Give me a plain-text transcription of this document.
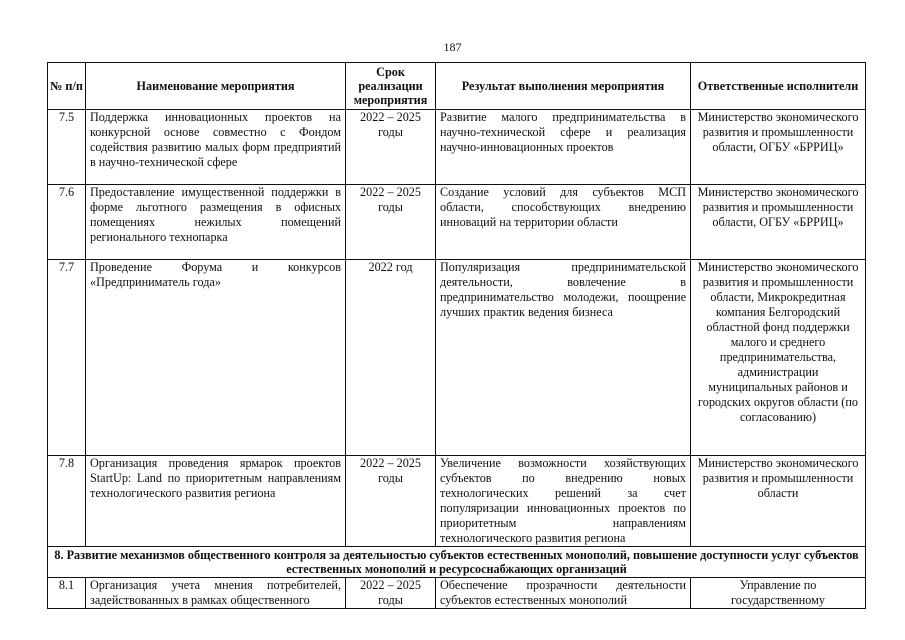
187
№ п/п	Наименование мероприятия	Срок реализации мероприятия	Результат выполнения мероприятия	Ответственные исполнители
7.5	Поддержка инновационных проектов на конкурсной основе совместно с Фондом содействия развитию малых форм предприятий в научно-технической сфере	2022 – 2025 годы	Развитие малого предпринимательства в научно-технической сфере и реализация научно-инновационных проектов	Министерство экономического развития и промышленности области, ОГБУ «БРРИЦ»
7.6	Предоставление имущественной поддержки в форме льготного размещения в офисных помещениях нежилых помещений регионального технопарка	2022 – 2025 годы	Создание условий для субъектов МСП области, способствующих внедрению инноваций на территории области	Министерство экономического развития и промышленности области, ОГБУ «БРРИЦ»
7.7	Проведение Форума и конкурсов «Предприниматель года»	2022 год	Популяризация предпринимательской деятельности, вовлечение в предпринимательство молодежи, поощрение лучших практик ведения бизнеса	Министерство экономического развития и промышленности области, Микрокредитная компания Белгородский областной фонд поддержки малого и среднего предпринимательства, администрации муниципальных районов и городских округов области (по согласованию)
7.8	Организация проведения ярмарок проектов StartUp: Land по приоритетным направлениям технологического развития региона	2022 – 2025 годы	Увеличение возможности хозяйствующих субъектов по внедрению новых технологических решений за счет популяризации инновационных проектов по приоритетным направлениям технологического развития региона	Министерство экономического развития и промышленности области
8. Развитие механизмов общественного контроля за деятельностью субъектов естественных монополий, повышение доступности услуг субъектов естественных монополий и ресурсоснабжающих организаций				
8.1	Организация учета мнения потребителей, задействованных в рамках общественного	2022 – 2025 годы	Обеспечение прозрачности деятельности субъектов естественных монополий	Управление по государственному
